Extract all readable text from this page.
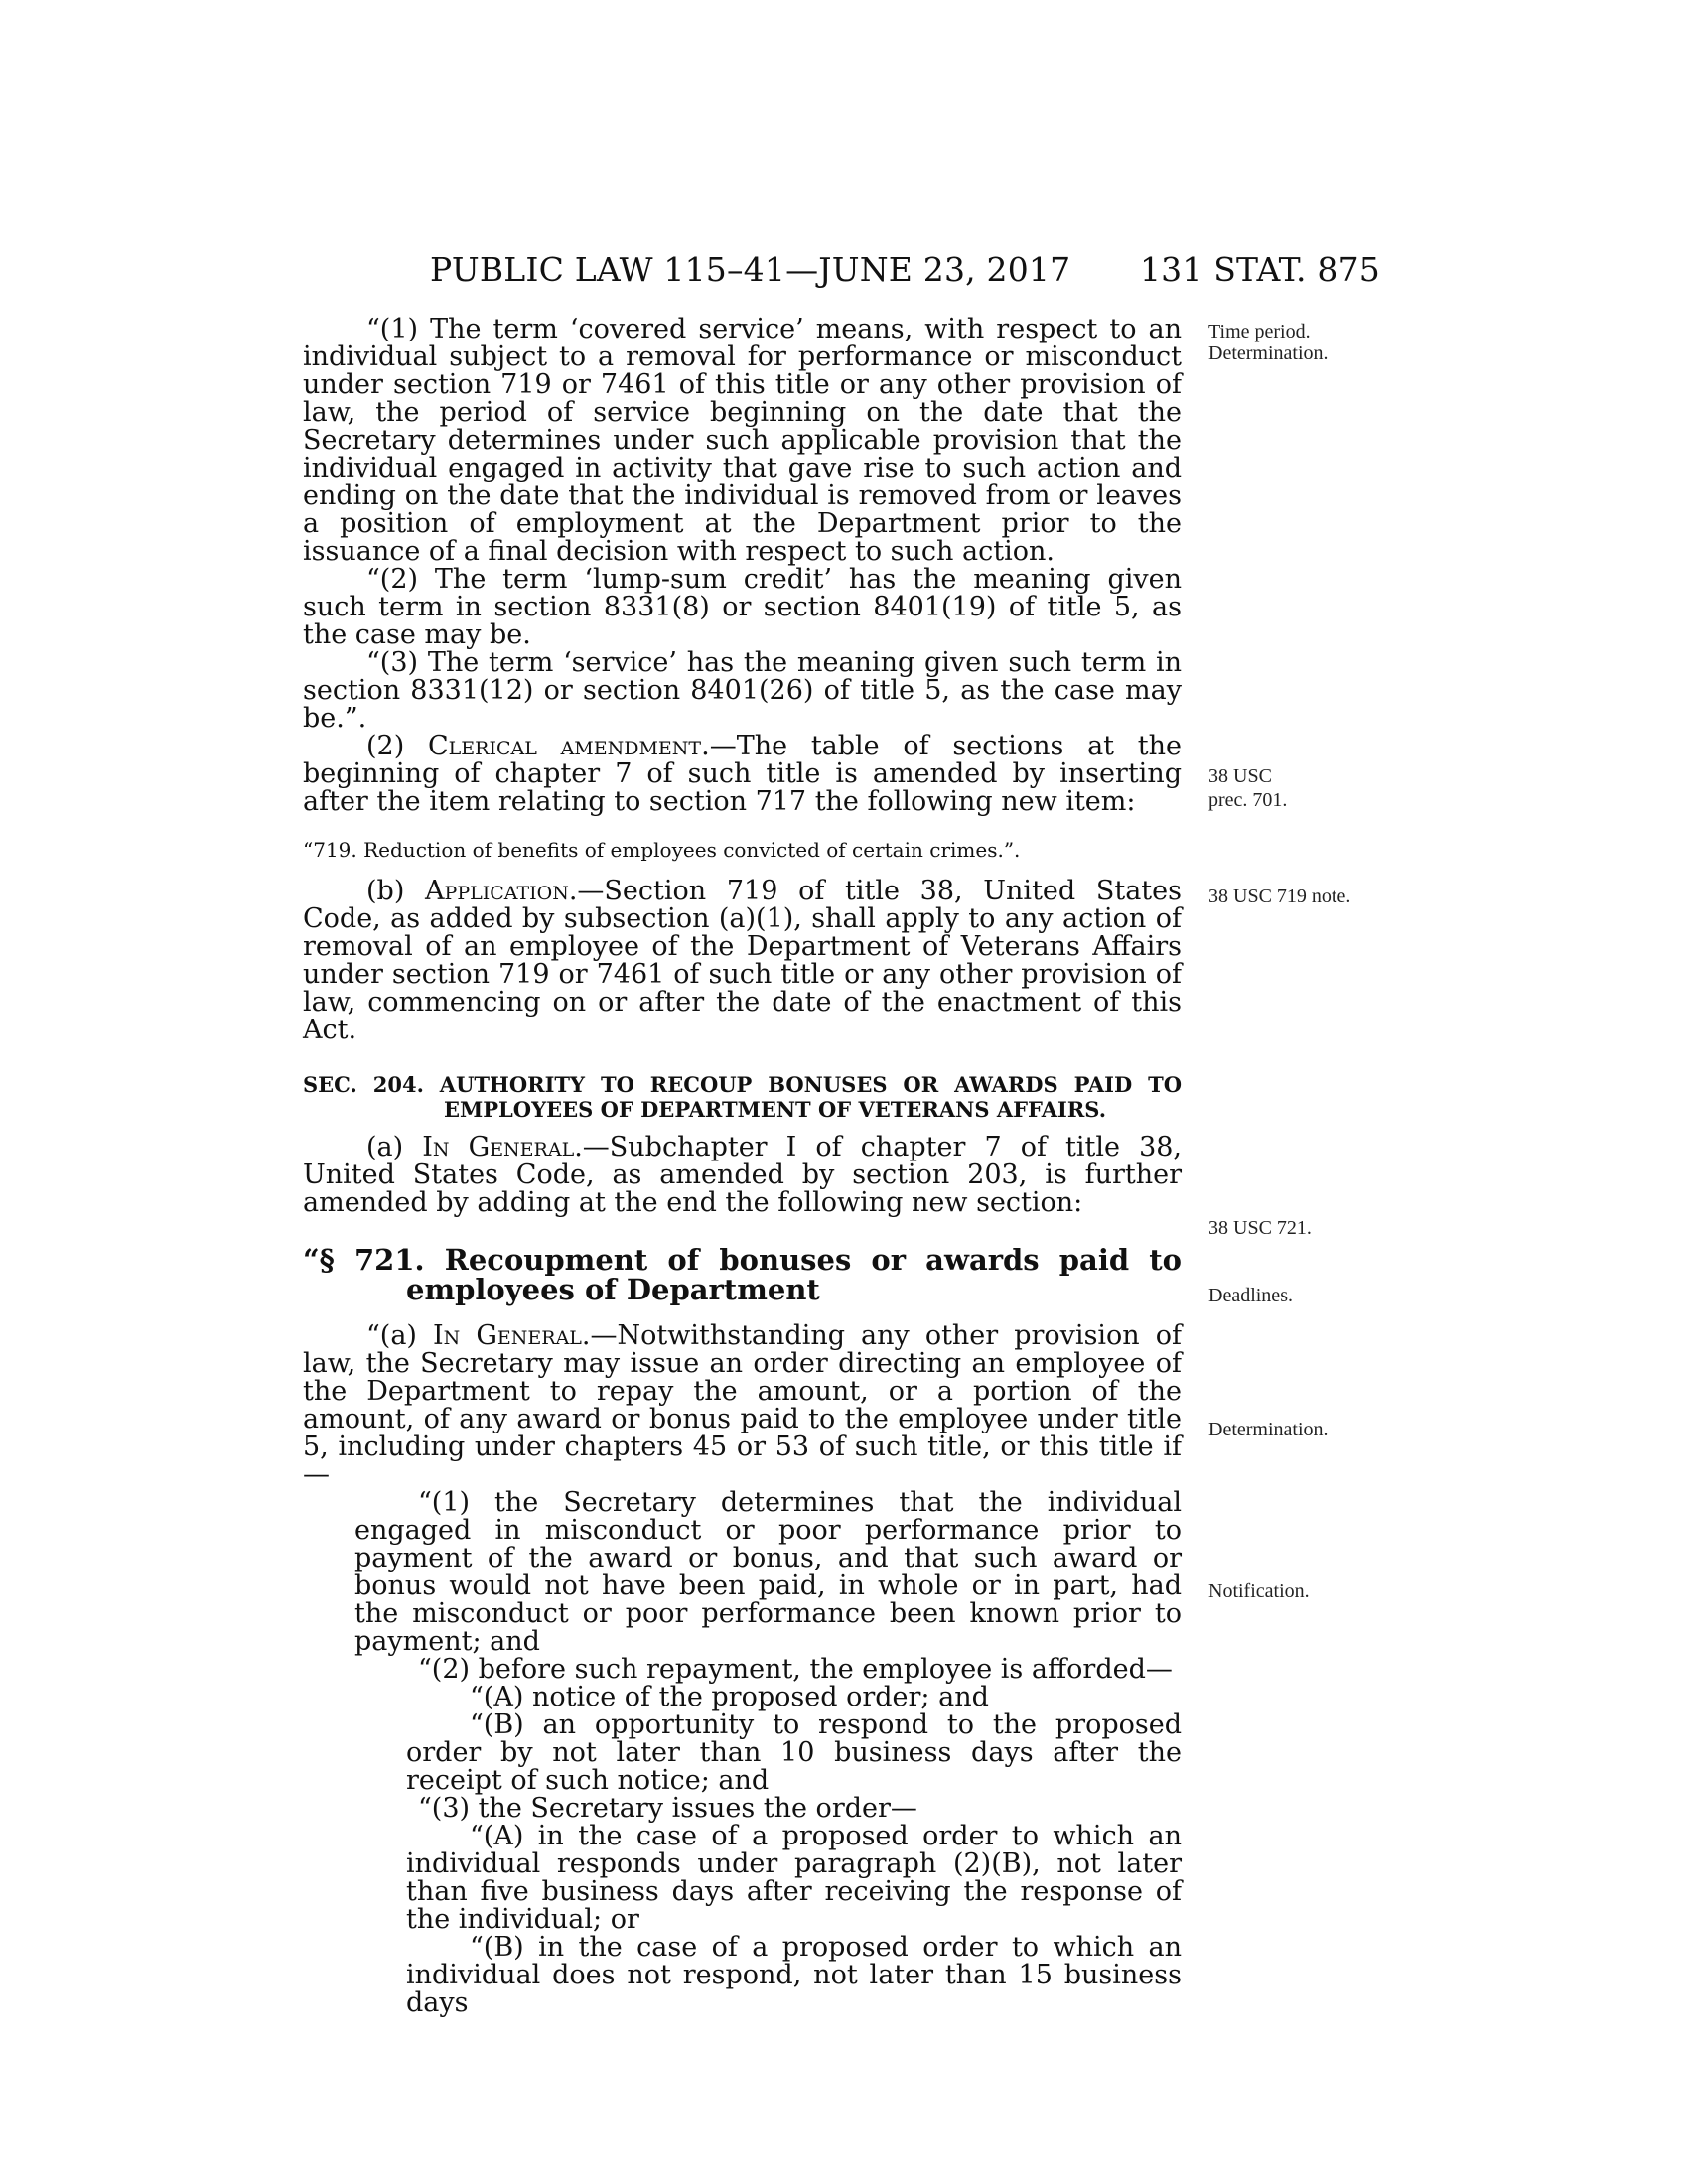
PUBLIC LAW 115–41—JUNE 23, 2017 131 STAT. 875
Time period.
Determination.
38 USC
prec. 701.
38 USC 719 note.
38 USC 721.
Deadlines.
Determination.
Notification.

“(1) The term ‘covered service’ means, with respect to an individual subject to a removal for performance or misconduct under section 719 or 7461 of this title or any other provision of law, the period of service beginning on the date that the Secretary determines under such applicable provision that the individual engaged in activity that gave rise to such action and ending on the date that the individual is removed from or leaves a position of employment at the Department prior to the issuance of a final decision with respect to such action.

“(2) The term ‘lump-sum credit’ has the meaning given such term in section 8331(8) or section 8401(19) of title 5, as the case may be.

“(3) The term ‘service’ has the meaning given such term in section 8331(12) or section 8401(26) of title 5, as the case may be.”.

(2) Clerical amendment.—The table of sections at the beginning of chapter 7 of such title is amended by inserting after the item relating to section 717 the following new item:

“719. Reduction of benefits of employees convicted of certain crimes.”.

(b) Application.—Section 719 of title 38, United States Code, as added by subsection (a)(1), shall apply to any action of removal of an employee of the Department of Veterans Affairs under section 719 or 7461 of such title or any other provision of law, commencing on or after the date of the enactment of this Act.

SEC. 204. AUTHORITY TO RECOUP BONUSES OR AWARDS PAID TO EMPLOYEES OF DEPARTMENT OF VETERANS AFFAIRS.

(a) In General.—Subchapter I of chapter 7 of title 38, United States Code, as amended by section 203, is further amended by adding at the end the following new section:

“§ 721. Recoupment of bonuses or awards paid to employees of Department

“(a) In General.—Notwithstanding any other provision of law, the Secretary may issue an order directing an employee of the Department to repay the amount, or a portion of the amount, of any award or bonus paid to the employee under title 5, including under chapters 45 or 53 of such title, or this title if—

“(1) the Secretary determines that the individual engaged in misconduct or poor performance prior to payment of the award or bonus, and that such award or bonus would not have been paid, in whole or in part, had the misconduct or poor performance been known prior to payment; and

“(2) before such repayment, the employee is afforded—

“(A) notice of the proposed order; and

“(B) an opportunity to respond to the proposed order by not later than 10 business days after the receipt of such notice; and

“(3) the Secretary issues the order—

“(A) in the case of a proposed order to which an individual responds under paragraph (2)(B), not later than five business days after receiving the response of the individual; or

“(B) in the case of a proposed order to which an individual does not respond, not later than 15 business days
